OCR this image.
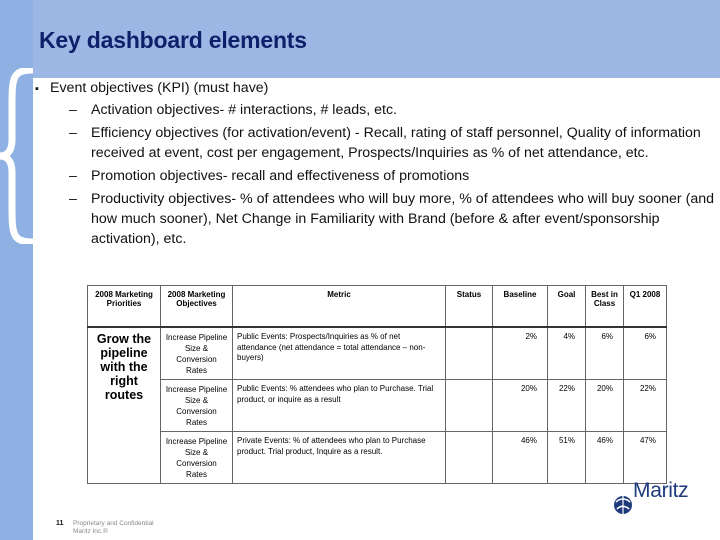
Key dashboard elements
▪ Event objectives (KPI) (must have)
– Activation objectives- # interactions, # leads, etc.
– Efficiency objectives (for activation/event) - Recall, rating of staff personnel, Quality of information received at event, cost per engagement, Prospects/Inquiries as % of net attendance, etc.
– Promotion objectives- recall and effectiveness of promotions
– Productivity objectives- % of attendees who will buy more, % of attendees who will buy sooner (and how much sooner), Net Change in Familiarity with Brand (before & after event/sponsorship activation), etc.
2008 Marketing Priorities	2008 Marketing Objectives	Metric	Status	Baseline	Goal	Best in Class	Q1 2008
Grow the pipeline with the right routes	Increase Pipeline Size & Conversion Rates	Public Events: Prospects/Inquiries as % of net attendance (net attendance = total attendance – non-buyers)		2%	4%	6%	6%
	Increase Pipeline Size & Conversion Rates	Public Events: % attendees who plan to Purchase. Trial product, or inquire as a result		20%	22%	20%	22%
	Increase Pipeline Size & Conversion Rates	Private Events: % of attendees who plan to Purchase product. Trial product, Inquire as a result.		46%	51%	46%	47%
Maritz
11 Proprietary and Confidential
Maritz Inc.®
